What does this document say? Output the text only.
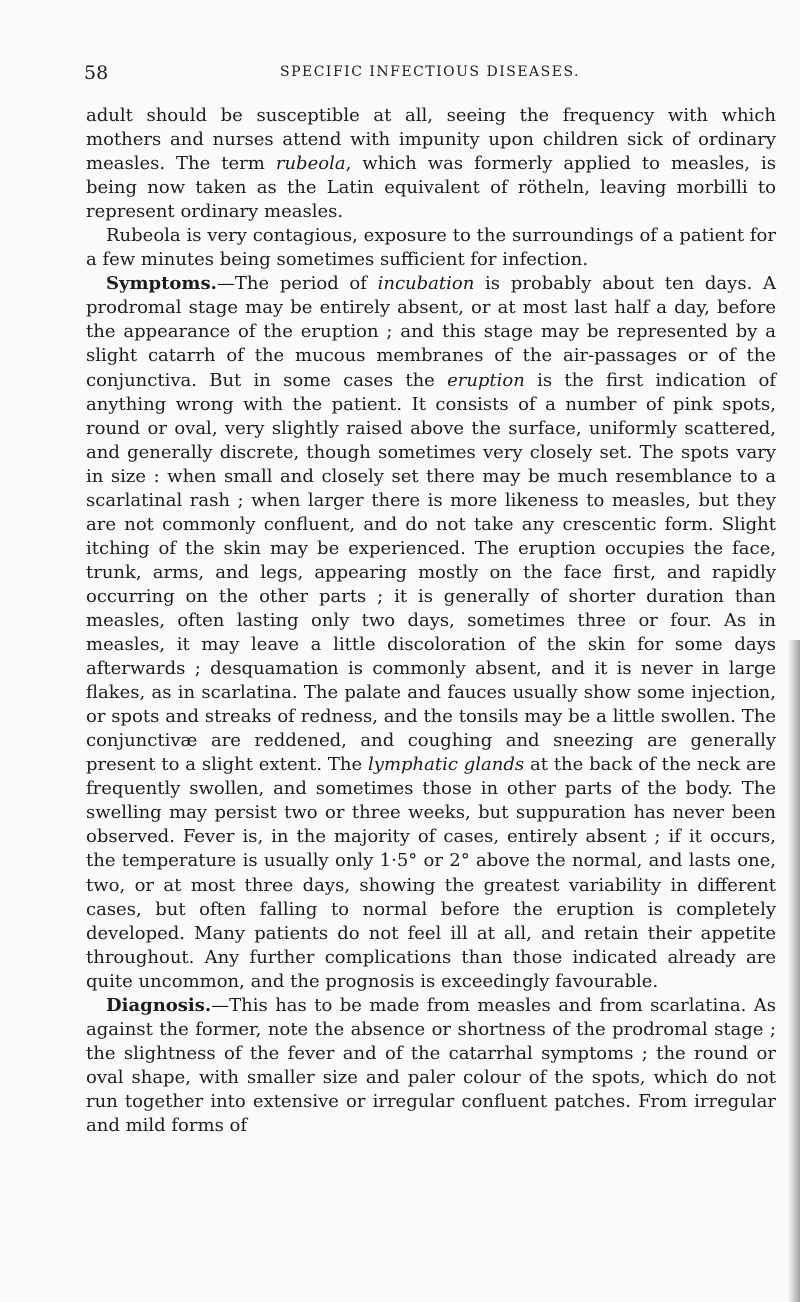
58	SPECIFIC INFECTIOUS DISEASES.

adult should be susceptible at all, seeing the frequency with which mothers and nurses attend with impunity upon children sick of ordinary measles. The term rubeola, which was formerly applied to measles, is being now taken as the Latin equivalent of rötheln, leaving morbilli to represent ordinary measles.

Rubeola is very contagious, exposure to the surroundings of a patient for a few minutes being sometimes sufficient for infection.

Symptoms.—The period of incubation is probably about ten days. A prodromal stage may be entirely absent, or at most last half a day, before the appearance of the eruption ; and this stage may be represented by a slight catarrh of the mucous membranes of the air-passages or of the conjunctiva. But in some cases the eruption is the first indication of anything wrong with the patient. It consists of a number of pink spots, round or oval, very slightly raised above the surface, uniformly scattered, and generally discrete, though sometimes very closely set. The spots vary in size : when small and closely set there may be much resemblance to a scarlatinal rash ; when larger there is more likeness to measles, but they are not commonly confluent, and do not take any crescentic form. Slight itching of the skin may be experienced. The eruption occupies the face, trunk, arms, and legs, appearing mostly on the face first, and rapidly occurring on the other parts ; it is generally of shorter duration than measles, often lasting only two days, sometimes three or four. As in measles, it may leave a little discoloration of the skin for some days afterwards ; desquamation is commonly absent, and it is never in large flakes, as in scarlatina. The palate and fauces usually show some injection, or spots and streaks of redness, and the tonsils may be a little swollen. The conjunctivæ are reddened, and coughing and sneezing are generally present to a slight extent. The lymphatic glands at the back of the neck are frequently swollen, and sometimes those in other parts of the body. The swelling may persist two or three weeks, but suppuration has never been observed. Fever is, in the majority of cases, entirely absent ; if it occurs, the temperature is usually only 1·5° or 2° above the normal, and lasts one, two, or at most three days, showing the greatest variability in different cases, but often falling to normal before the eruption is completely developed. Many patients do not feel ill at all, and retain their appetite throughout. Any further complications than those indicated already are quite uncommon, and the prognosis is exceedingly favourable.

Diagnosis.—This has to be made from measles and from scarlatina. As against the former, note the absence or shortness of the prodromal stage ; the slightness of the fever and of the catarrhal symptoms ; the round or oval shape, with smaller size and paler colour of the spots, which do not run together into extensive or irregular confluent patches. From irregular and mild forms of
